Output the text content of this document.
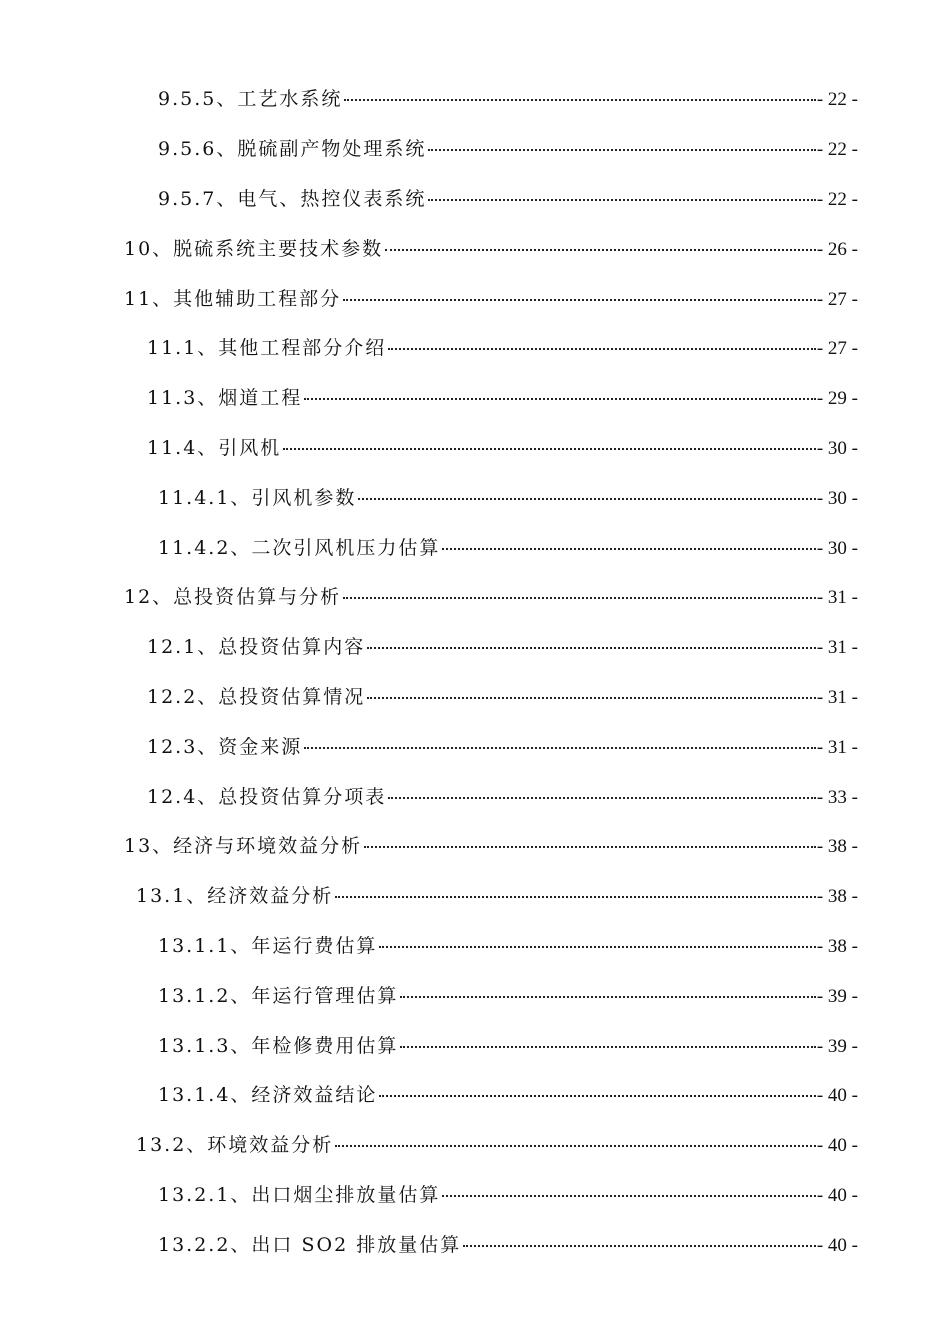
9.5.5、工艺水系统	- 22 -
9.5.6、脱硫副产物处理系统	- 22 -
9.5.7、电气、热控仪表系统	- 22 -
10、脱硫系统主要技术参数	- 26 -
11、其他辅助工程部分	- 27 -
11.1、其他工程部分介绍	- 27 -
11.3、烟道工程	- 29 -
11.4、引风机	- 30 -
11.4.1、引风机参数	- 30 -
11.4.2、二次引风机压力估算	- 30 -
12、总投资估算与分析	- 31 -
12.1、总投资估算内容	- 31 -
12.2、总投资估算情况	- 31 -
12.3、资金来源	- 31 -
12.4、总投资估算分项表	- 33 -
13、经济与环境效益分析	- 38 -
13.1、经济效益分析	- 38 -
13.1.1、年运行费估算	- 38 -
13.1.2、年运行管理估算	- 39 -
13.1.3、年检修费用估算	- 39 -
13.1.4、经济效益结论	- 40 -
13.2、环境效益分析	- 40 -
13.2.1、出口烟尘排放量估算	- 40 -
13.2.2、出口 SO2 排放量估算	- 40 -
